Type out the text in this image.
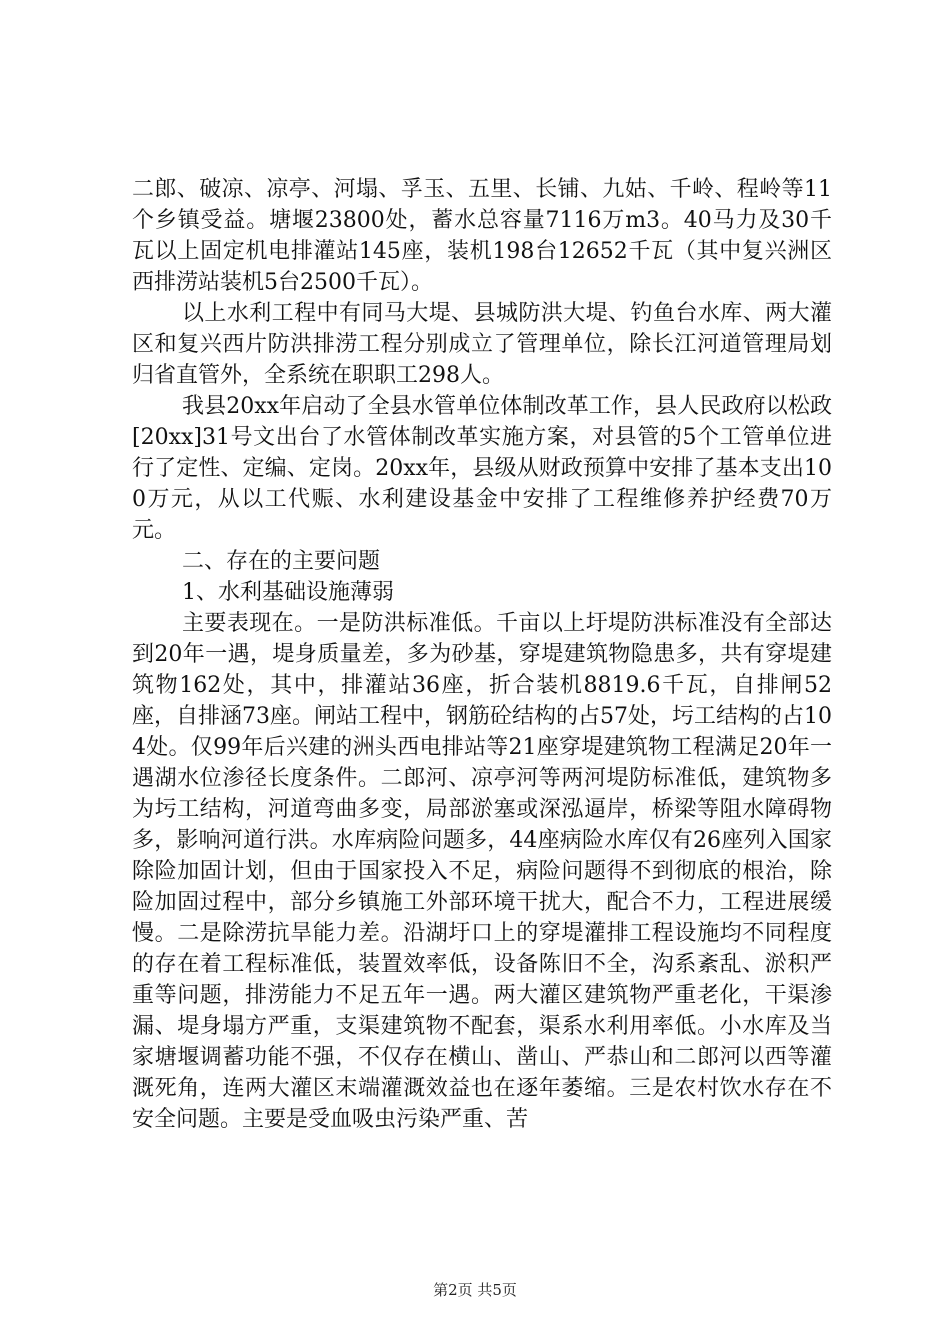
二郎、破凉、凉亭、河塌、孚玉、五里、长铺、九姑、千岭、程岭等11个乡镇受益。塘堰23800处，蓄水总容量7116万m3。40马力及30千瓦以上固定机电排灌站145座，装机198台12652千瓦（其中复兴洲区西排涝站装机5台2500千瓦）。

以上水利工程中有同马大堤、县城防洪大堤、钓鱼台水库、两大灌区和复兴西片防洪排涝工程分别成立了管理单位，除长江河道管理局划归省直管外，全系统在职职工298人。

我县20xx年启动了全县水管单位体制改革工作，县人民政府以松政[20xx]31号文出台了水管体制改革实施方案，对县管的5个工管单位进行了定性、定编、定岗。20xx年，县级从财政预算中安排了基本支出100万元，从以工代赈、水利建设基金中安排了工程维修养护经费70万元。

二、存在的主要问题

1、水利基础设施薄弱

主要表现在。一是防洪标准低。千亩以上圩堤防洪标准没有全部达到20年一遇，堤身质量差，多为砂基，穿堤建筑物隐患多，共有穿堤建筑物162处，其中，排灌站36座，折合装机8819.6千瓦，自排闸52座，自排涵73座。闸站工程中，钢筋砼结构的占57处，圬工结构的占104处。仅99年后兴建的洲头西电排站等21座穿堤建筑物工程满足20年一遇湖水位渗径长度条件。二郎河、凉亭河等两河堤防标准低，建筑物多为圬工结构，河道弯曲多变，局部淤塞或深泓逼岸，桥梁等阻水障碍物多，影响河道行洪。水库病险问题多，44座病险水库仅有26座列入国家除险加固计划，但由于国家投入不足，病险问题得不到彻底的根治，除险加固过程中，部分乡镇施工外部环境干扰大，配合不力，工程进展缓慢。二是除涝抗旱能力差。沿湖圩口上的穿堤灌排工程设施均不同程度的存在着工程标准低，装置效率低，设备陈旧不全，沟系紊乱、淤积严重等问题，排涝能力不足五年一遇。两大灌区建筑物严重老化，干渠渗漏、堤身塌方严重，支渠建筑物不配套，渠系水利用率低。小水库及当家塘堰调蓄功能不强，不仅存在横山、凿山、严恭山和二郎河以西等灌溉死角，连两大灌区末端灌溉效益也在逐年萎缩。三是农村饮水存在不安全问题。主要是受血吸虫污染严重、苦

第2页 共5页
